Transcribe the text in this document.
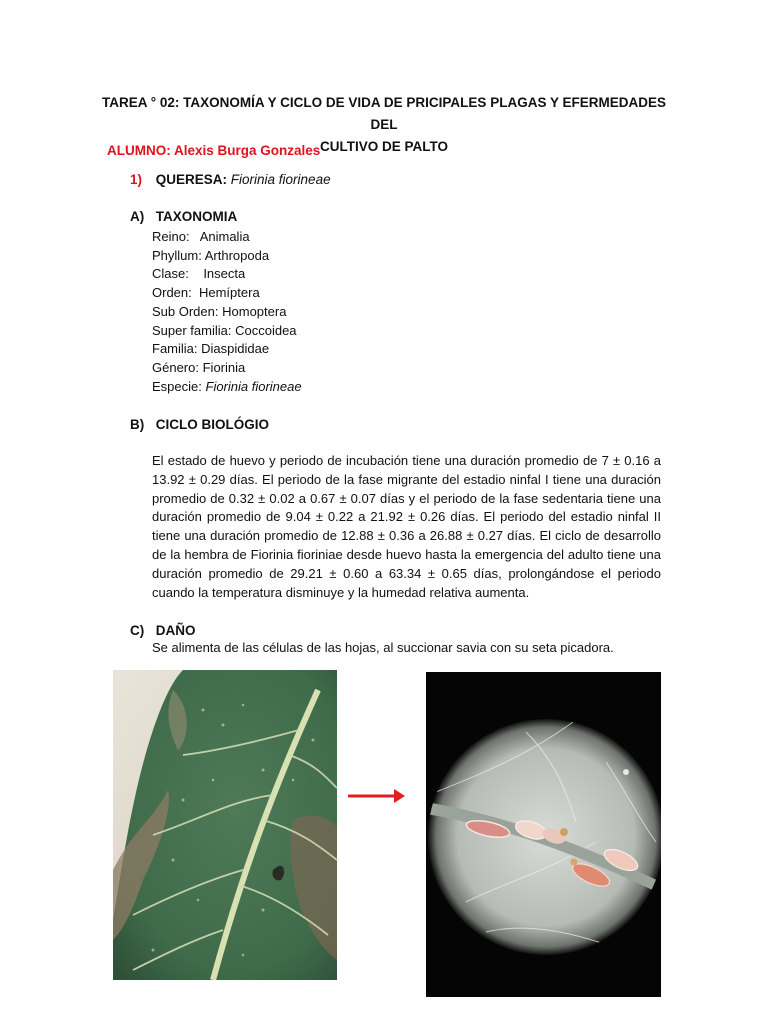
TAREA ° 02: TAXONOMÍA Y CICLO DE VIDA DE PRICIPALES PLAGAS Y EFERMEDADES DEL
CULTIVO DE PALTO
ALUMNO: Alexis Burga Gonzales
1) QUERESA: Fiorinia fiorineae
A) TAXONOMIA
Reino: Animalia
Phyllum: Arthropoda
Clase: Insecta
Orden: Hemíptera
Sub Orden: Homoptera
Super familia: Coccoidea
Familia: Diaspididae
Género: Fiorinia
Especie: Fiorinia fiorineae
B) CICLO BIOLÓGIO
El estado de huevo y periodo de incubación tiene una duración promedio de 7 ± 0.16 a 13.92 ± 0.29 días. El periodo de la fase migrante del estadio ninfal I tiene una duración promedio de 0.32 ± 0.02 a 0.67 ± 0.07 días y el periodo de la fase sedentaria tiene una duración promedio de 9.04 ± 0.22 a 21.92 ± 0.26 días. El periodo del estadio ninfal II tiene una duración promedio de 12.88 ± 0.36 a 26.88 ± 0.27 días. El ciclo de desarrollo de la hembra de Fiorinia fioriniae desde huevo hasta la emergencia del adulto tiene una duración promedio de 29.21 ± 0.60 a 63.34 ± 0.65 días, prolongándose el periodo cuando la temperatura disminuye y la humedad relativa aumenta.
C) DAÑO
Se alimenta de las células de las hojas, al succionar savia con su seta picadora.
